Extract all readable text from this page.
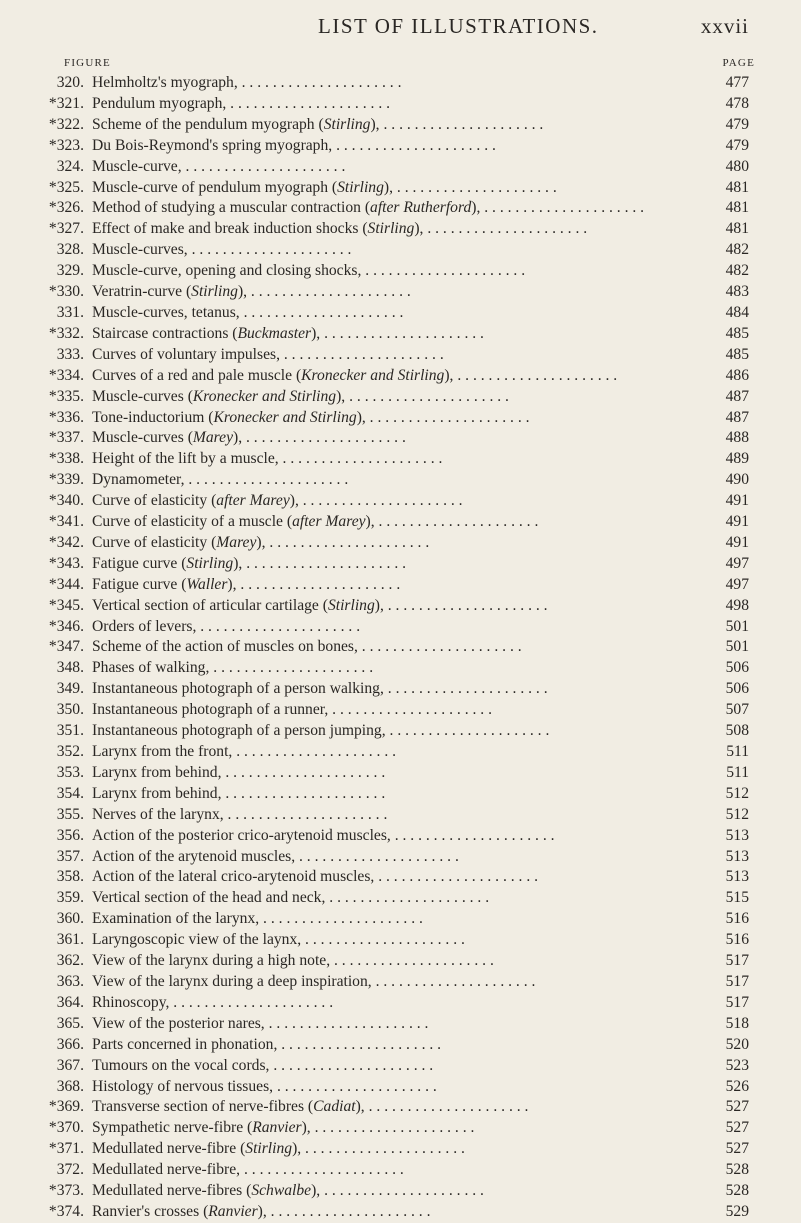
LIST OF ILLUSTRATIONS.	xxvii
FIGURE	PAGE
320. Helmholtz's myograph, . . . . . . . . . . . . . . . . . . . . .	477
*321. Pendulum myograph, . . . . . . . . . . . . . . . . . . . . .	478
*322. Scheme of the pendulum myograph (Stirling), . . . . . . . . . . . . . . . . . . . . .	479
*323. Du Bois-Reymond's spring myograph, . . . . . . . . . . . . . . . . . . . . .	479
324. Muscle-curve, . . . . . . . . . . . . . . . . . . . . .	480
*325. Muscle-curve of pendulum myograph (Stirling), . . . . . . . . . . . . . . . . . . . . .	481
*326. Method of studying a muscular contraction (after Rutherford), . . . . . . . . . . . . . . . . . . . . .	481
*327. Effect of make and break induction shocks (Stirling), . . . . . . . . . . . . . . . . . . . . .	481
328. Muscle-curves, . . . . . . . . . . . . . . . . . . . . .	482
329. Muscle-curve, opening and closing shocks, . . . . . . . . . . . . . . . . . . . . .	482
*330. Veratrin-curve (Stirling), . . . . . . . . . . . . . . . . . . . . .	483
331. Muscle-curves, tetanus, . . . . . . . . . . . . . . . . . . . . .	484
*332. Staircase contractions (Buckmaster), . . . . . . . . . . . . . . . . . . . . .	485
333. Curves of voluntary impulses, . . . . . . . . . . . . . . . . . . . . .	485
*334. Curves of a red and pale muscle (Kronecker and Stirling), . . . . . . . . . . . . . . . . . . . . .	486
*335. Muscle-curves (Kronecker and Stirling), . . . . . . . . . . . . . . . . . . . . .	487
*336. Tone-inductorium (Kronecker and Stirling), . . . . . . . . . . . . . . . . . . . . .	487
*337. Muscle-curves (Marey), . . . . . . . . . . . . . . . . . . . . .	488
*338. Height of the lift by a muscle, . . . . . . . . . . . . . . . . . . . . .	489
*339. Dynamometer, . . . . . . . . . . . . . . . . . . . . .	490
*340. Curve of elasticity (after Marey), . . . . . . . . . . . . . . . . . . . . .	491
*341. Curve of elasticity of a muscle (after Marey), . . . . . . . . . . . . . . . . . . . . .	491
*342. Curve of elasticity (Marey), . . . . . . . . . . . . . . . . . . . . .	491
*343. Fatigue curve (Stirling), . . . . . . . . . . . . . . . . . . . . .	497
*344. Fatigue curve (Waller), . . . . . . . . . . . . . . . . . . . . .	497
*345. Vertical section of articular cartilage (Stirling), . . . . . . . . . . . . . . . . . . . . .	498
*346. Orders of levers, . . . . . . . . . . . . . . . . . . . . .	501
*347. Scheme of the action of muscles on bones, . . . . . . . . . . . . . . . . . . . . .	501
348. Phases of walking, . . . . . . . . . . . . . . . . . . . . .	506
349. Instantaneous photograph of a person walking, . . . . . . . . . . . . . . . . . . . . .	506
350. Instantaneous photograph of a runner, . . . . . . . . . . . . . . . . . . . . .	507
351. Instantaneous photograph of a person jumping, . . . . . . . . . . . . . . . . . . . . .	508
352. Larynx from the front, . . . . . . . . . . . . . . . . . . . . .	511
353. Larynx from behind, . . . . . . . . . . . . . . . . . . . . .	511
354. Larynx from behind, . . . . . . . . . . . . . . . . . . . . .	512
355. Nerves of the larynx, . . . . . . . . . . . . . . . . . . . . .	512
356. Action of the posterior crico-arytenoid muscles, . . . . . . . . . . . . . . . . . . . . .	513
357. Action of the arytenoid muscles, . . . . . . . . . . . . . . . . . . . . .	513
358. Action of the lateral crico-arytenoid muscles, . . . . . . . . . . . . . . . . . . . . .	513
359. Vertical section of the head and neck, . . . . . . . . . . . . . . . . . . . . .	515
360. Examination of the larynx, . . . . . . . . . . . . . . . . . . . . .	516
361. Laryngoscopic view of the laynx, . . . . . . . . . . . . . . . . . . . . .	516
362. View of the larynx during a high note, . . . . . . . . . . . . . . . . . . . . .	517
363. View of the larynx during a deep inspiration, . . . . . . . . . . . . . . . . . . . . .	517
364. Rhinoscopy, . . . . . . . . . . . . . . . . . . . . .	517
365. View of the posterior nares, . . . . . . . . . . . . . . . . . . . . .	518
366. Parts concerned in phonation, . . . . . . . . . . . . . . . . . . . . .	520
367. Tumours on the vocal cords, . . . . . . . . . . . . . . . . . . . . .	523
368. Histology of nervous tissues, . . . . . . . . . . . . . . . . . . . . .	526
*369. Transverse section of nerve-fibres (Cadiat), . . . . . . . . . . . . . . . . . . . . .	527
*370. Sympathetic nerve-fibre (Ranvier), . . . . . . . . . . . . . . . . . . . . .	527
*371. Medullated nerve-fibre (Stirling), . . . . . . . . . . . . . . . . . . . . .	527
372. Medullated nerve-fibre, . . . . . . . . . . . . . . . . . . . . .	528
*373. Medullated nerve-fibres (Schwalbe), . . . . . . . . . . . . . . . . . . . . .	528
*374. Ranvier's crosses (Ranvier), . . . . . . . . . . . . . . . . . . . . .	529
